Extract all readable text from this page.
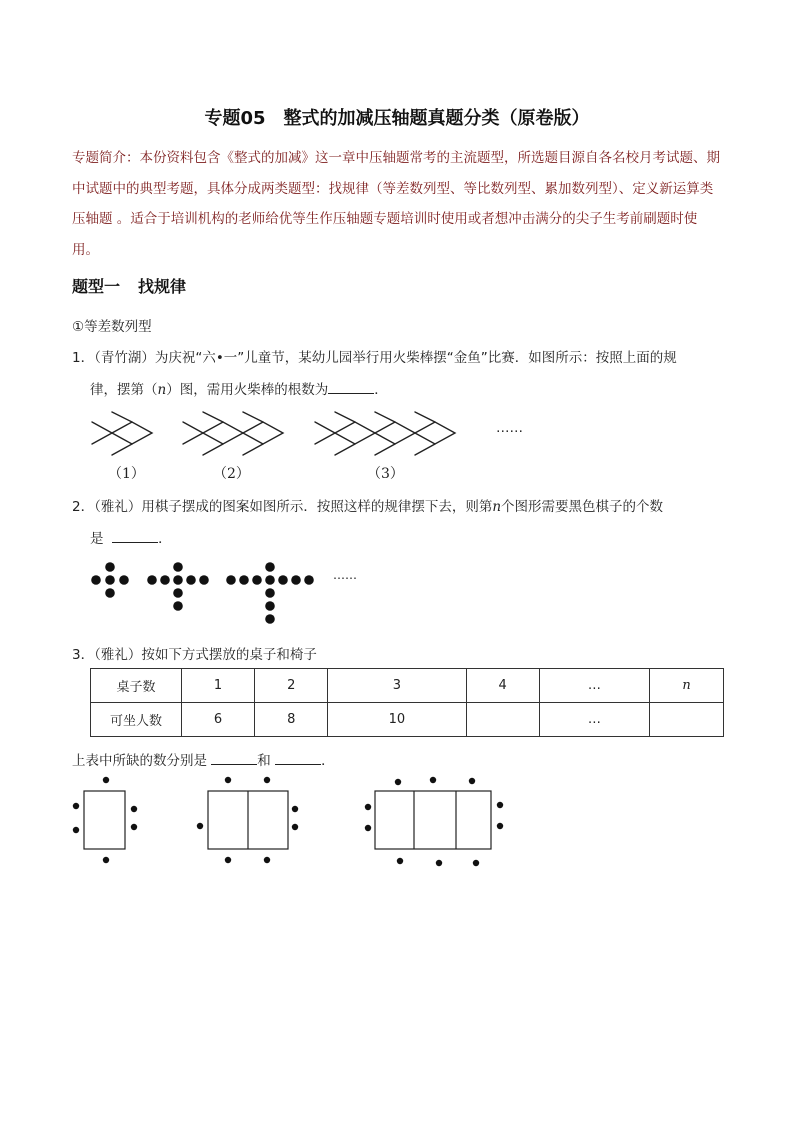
专题05　整式的加减压轴题真题分类（原卷版）
专题简介：本份资料包含《整式的加减》这一章中压轴题常考的主流题型，所选题目源自各名校月考试题、期中试题中的典型考题，具体分成两类题型：找规律（等差数列型、等比数列型、累加数列型）、定义新运算类压轴题 。适合于培训机构的老师给优等生作压轴题专题培训时使用或者想冲击满分的尖子生考前刷题时使用。
题型一 找规律
①等差数列型
1．（青竹湖）为庆祝“六•一”儿童节，某幼儿园举行用火柴棒摆“金鱼”比赛．如图所示：按照上面的规
律，摆第（n）图，需用火柴棒的根数为	．
……
（1）	（2）	（3）
2．（雅礼）用棋子摆成的图案如图所示．按照这样的规律摆下去，则第n个图形需要黑色棋子的个数
是	．
……
3．（雅礼）按如下方式摆放的桌子和椅子
桌子数	1	2	3	4	…	n
可坐人数	6	8	10		…	
上表中所缺的数分别是	和	．
